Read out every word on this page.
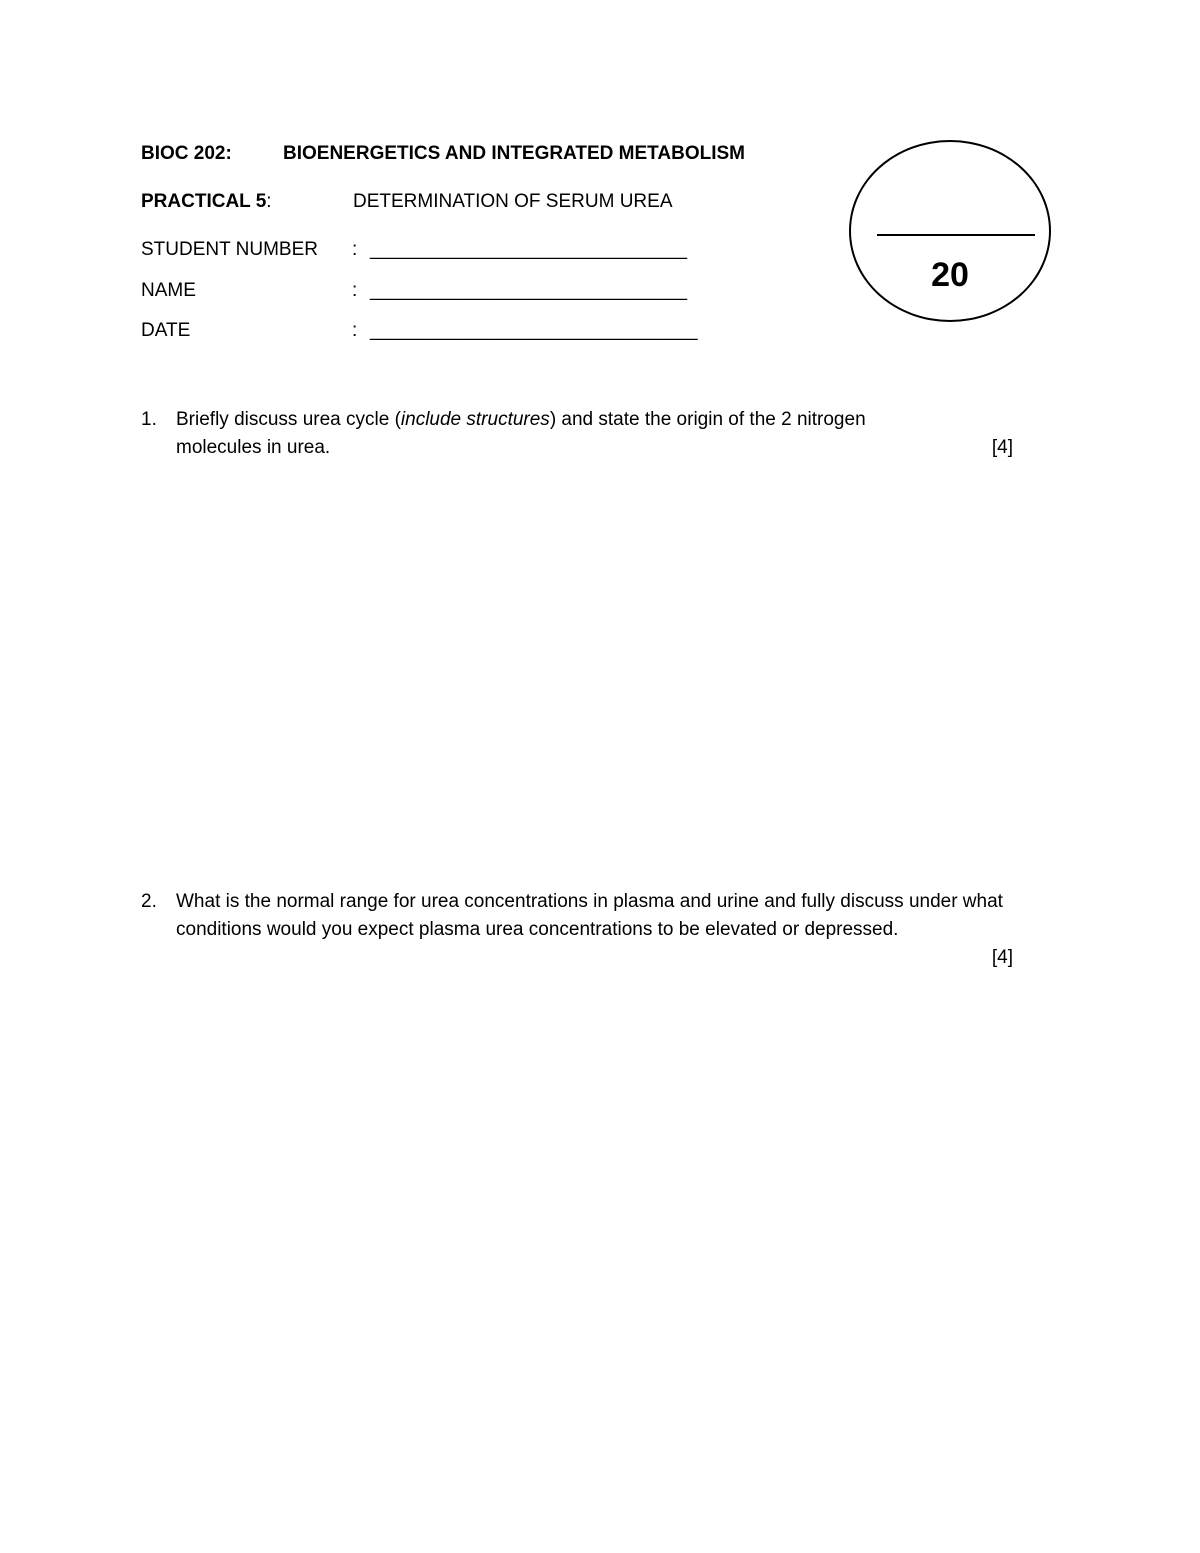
BIOC 202:	BIOENERGETICS AND INTEGRATED METABOLISM
PRACTICAL 5:	DETERMINATION OF SERUM UREA
STUDENT NUMBER : ______________________________
NAME	: ______________________________
DATE	: _______________________________
20
1. Briefly discuss urea cycle (include structures) and state the origin of the 2 nitrogen molecules in urea.	[4]
2. What is the normal range for urea concentrations in plasma and urine and fully discuss under what conditions would you expect plasma urea concentrations to be elevated or depressed.
[4]
